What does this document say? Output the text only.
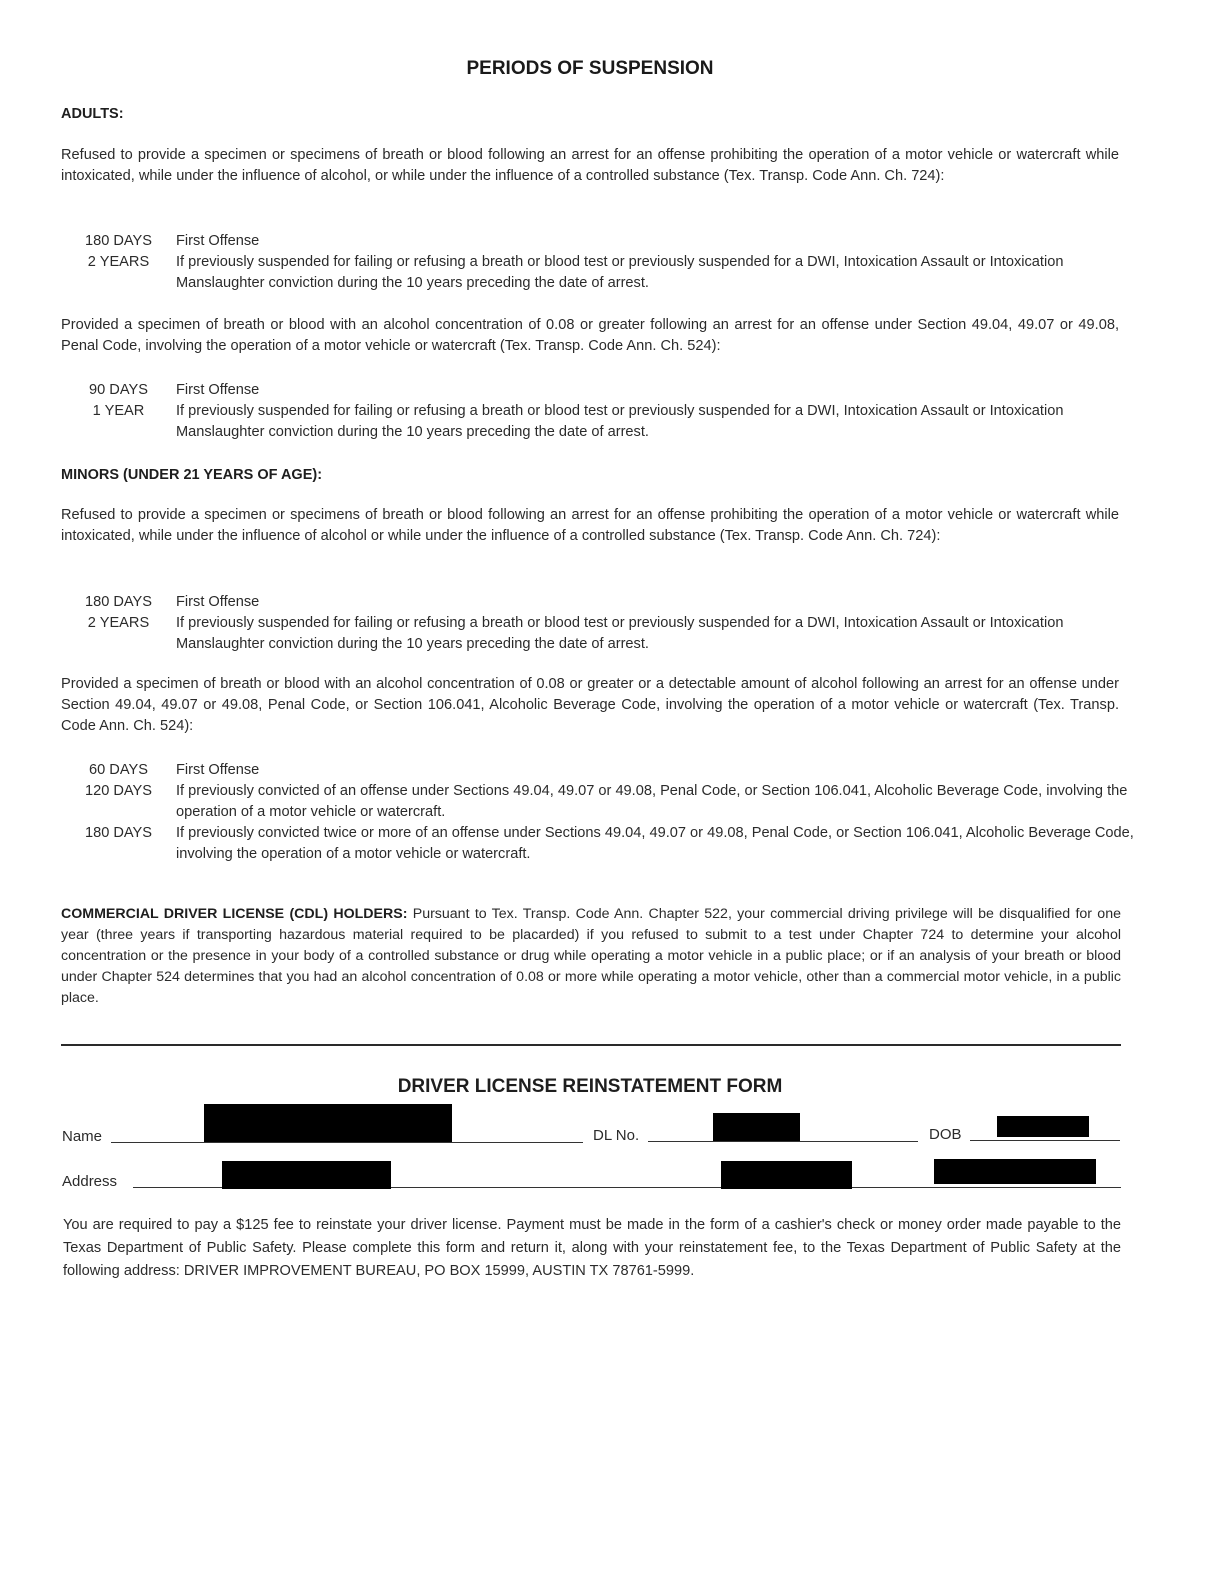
PERIODS OF SUSPENSION
ADULTS:
Refused to provide a specimen or specimens of breath or blood following an arrest for an offense prohibiting the operation of a motor vehicle or watercraft while intoxicated, while under the influence of alcohol, or while under the influence of a controlled substance (Tex. Transp. Code Ann. Ch. 724):
180 DAYS	First Offense
2 YEARS	If previously suspended for failing or refusing a breath or blood test or previously suspended for a DWI, Intoxication Assault or Intoxication Manslaughter conviction during the 10 years preceding the date of arrest.
Provided a specimen of breath or blood with an alcohol concentration of 0.08 or greater following an arrest for an offense under Section 49.04, 49.07 or 49.08, Penal Code, involving the operation of a motor vehicle or watercraft (Tex. Transp. Code Ann. Ch. 524):
90 DAYS	First Offense
1 YEAR	If previously suspended for failing or refusing a breath or blood test or previously suspended for a DWI, Intoxication Assault or Intoxication Manslaughter conviction during the 10 years preceding the date of arrest.
MINORS (UNDER 21 YEARS OF AGE):
Refused to provide a specimen or specimens of breath or blood following an arrest for an offense prohibiting the operation of a motor vehicle or watercraft while intoxicated, while under the influence of alcohol or while under the influence of a controlled substance (Tex. Transp. Code Ann. Ch. 724):
180 DAYS	First Offense
2 YEARS	If previously suspended for failing or refusing a breath or blood test or previously suspended for a DWI, Intoxication Assault or Intoxication Manslaughter conviction during the 10 years preceding the date of arrest.
Provided a specimen of breath or blood with an alcohol concentration of 0.08 or greater or a detectable amount of alcohol following an arrest for an offense under Section 49.04, 49.07 or 49.08, Penal Code, or Section 106.041, Alcoholic Beverage Code, involving the operation of a motor vehicle or watercraft (Tex. Transp. Code Ann. Ch. 524):
60 DAYS	First Offense
120 DAYS	If previously convicted of an offense under Sections 49.04, 49.07 or 49.08, Penal Code, or Section 106.041, Alcoholic Beverage Code, involving the operation of a motor vehicle or watercraft.
180 DAYS	If previously convicted twice or more of an offense under Sections 49.04, 49.07 or 49.08, Penal Code, or Section 106.041, Alcoholic Beverage Code, involving the operation of a motor vehicle or watercraft.
COMMERCIAL DRIVER LICENSE (CDL) HOLDERS: Pursuant to Tex. Transp. Code Ann. Chapter 522, your commercial driving privilege will be disqualified for one year (three years if transporting hazardous material required to be placarded) if you refused to submit to a test under Chapter 724 to determine your alcohol concentration or the presence in your body of a controlled substance or drug while operating a motor vehicle in a public place; or if an analysis of your breath or blood under Chapter 524 determines that you had an alcohol concentration of 0.08 or more while operating a motor vehicle, other than a commercial motor vehicle, in a public place.
DRIVER LICENSE REINSTATEMENT FORM
Name	DL No.	DOB
Address
You are required to pay a $125 fee to reinstate your driver license. Payment must be made in the form of a cashier's check or money order made payable to the Texas Department of Public Safety. Please complete this form and return it, along with your reinstatement fee, to the Texas Department of Public Safety at the following address: DRIVER IMPROVEMENT BUREAU, PO BOX 15999, AUSTIN TX 78761-5999.
